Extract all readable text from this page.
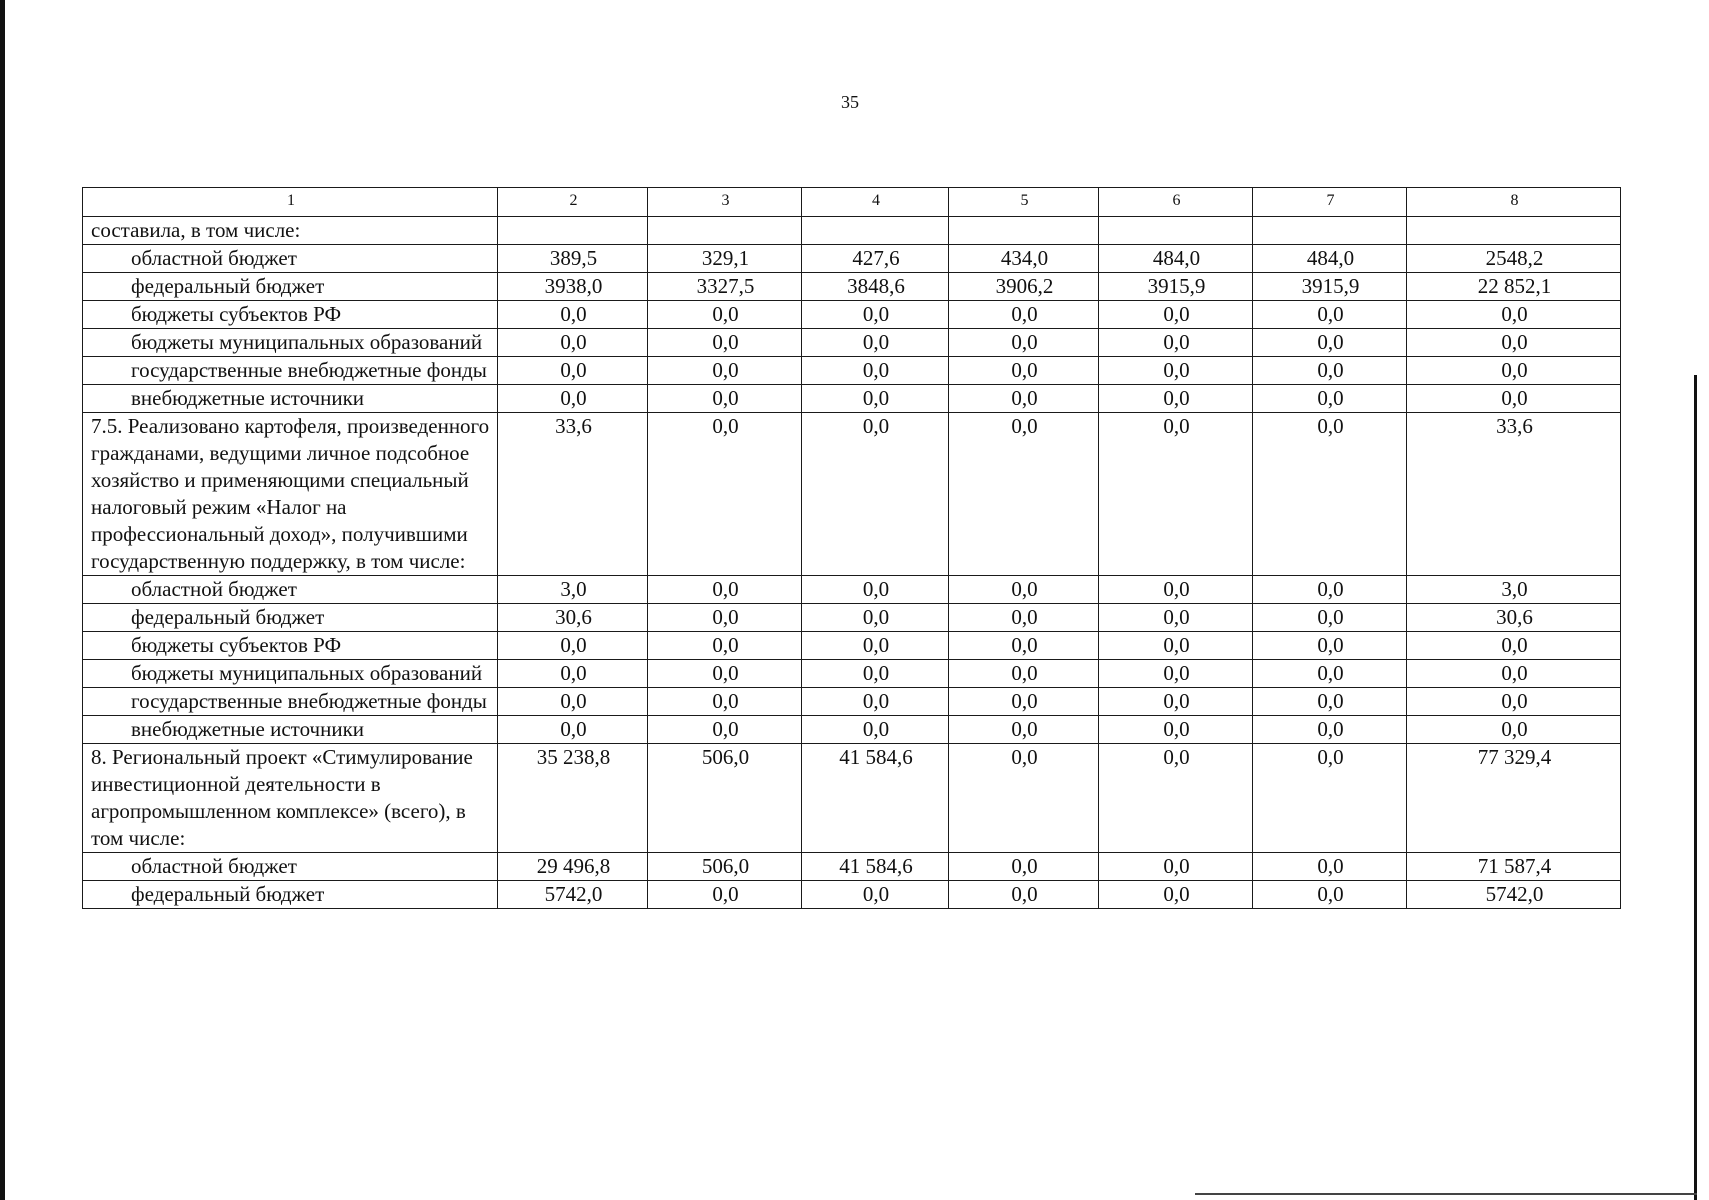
35
1	2	3	4	5	6	7	8
составила, в том числе:							
областной бюджет	389,5	329,1	427,6	434,0	484,0	484,0	2548,2
федеральный бюджет	3938,0	3327,5	3848,6	3906,2	3915,9	3915,9	22 852,1
бюджеты субъектов РФ	0,0	0,0	0,0	0,0	0,0	0,0	0,0
бюджеты муниципальных образований	0,0	0,0	0,0	0,0	0,0	0,0	0,0
государственные внебюджетные фонды	0,0	0,0	0,0	0,0	0,0	0,0	0,0
внебюджетные источники	0,0	0,0	0,0	0,0	0,0	0,0	0,0
7.5. Реализовано картофеля, произведенного гражданами, ведущими личное подсобное хозяйство и применяющими специальный налоговый режим «Налог на профессиональный доход», получившими государственную поддержку, в том числе:	33,6	0,0	0,0	0,0	0,0	0,0	33,6
областной бюджет	3,0	0,0	0,0	0,0	0,0	0,0	3,0
федеральный бюджет	30,6	0,0	0,0	0,0	0,0	0,0	30,6
бюджеты субъектов РФ	0,0	0,0	0,0	0,0	0,0	0,0	0,0
бюджеты муниципальных образований	0,0	0,0	0,0	0,0	0,0	0,0	0,0
государственные внебюджетные фонды	0,0	0,0	0,0	0,0	0,0	0,0	0,0
внебюджетные источники	0,0	0,0	0,0	0,0	0,0	0,0	0,0
8. Региональный проект «Стимулирование инвестиционной деятельности в агропромышленном комплексе» (всего), в том числе:	35 238,8	506,0	41 584,6	0,0	0,0	0,0	77 329,4
областной бюджет	29 496,8	506,0	41 584,6	0,0	0,0	0,0	71 587,4
федеральный бюджет	5742,0	0,0	0,0	0,0	0,0	0,0	5742,0
